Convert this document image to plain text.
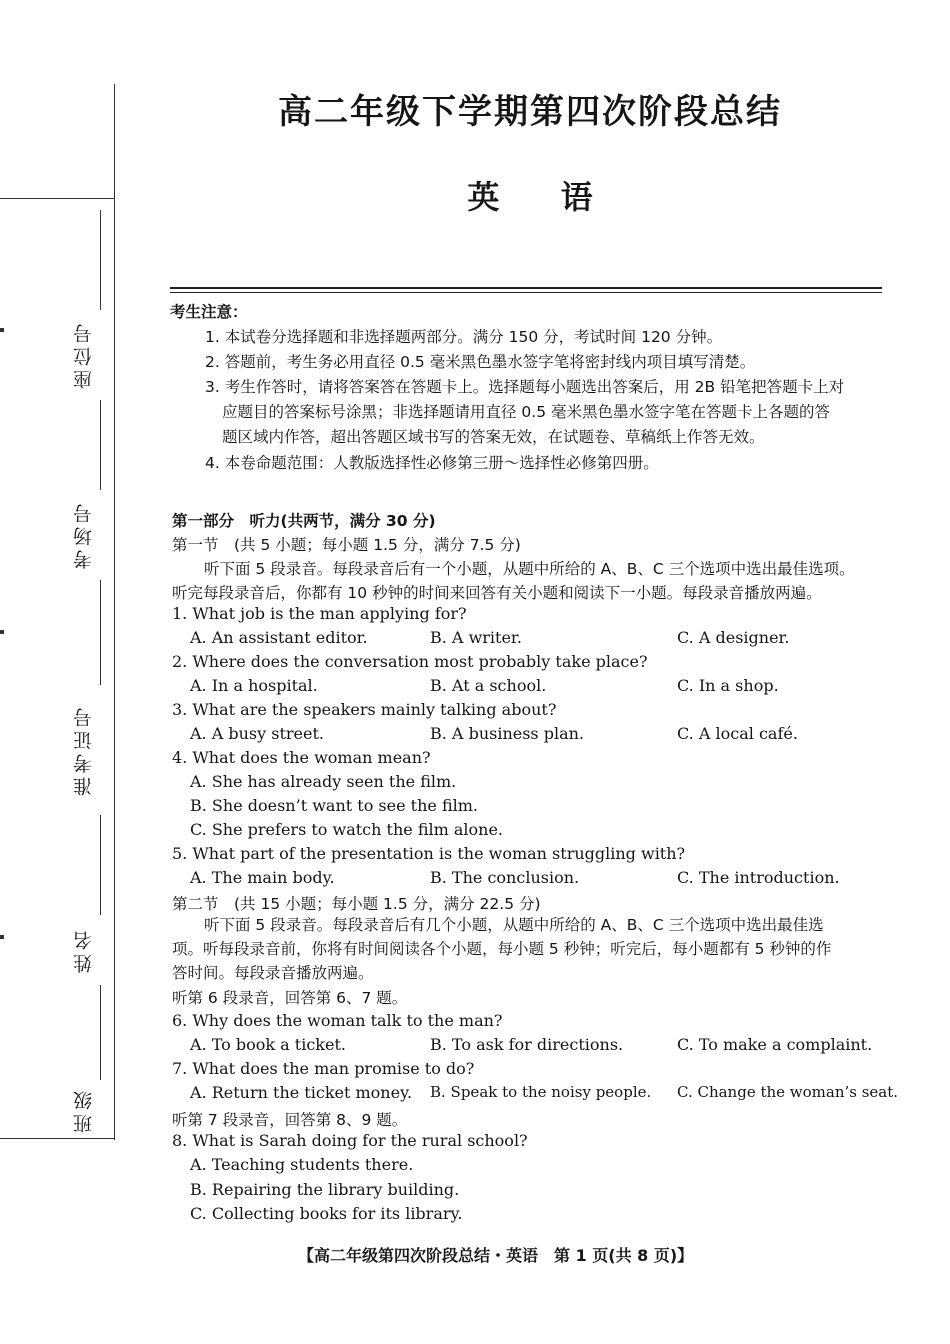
座位号
考场号
准考证号
姓名
班级
高二年级下学期第四次阶段总结
英 语
考生注意：
1. 本试卷分选择题和非选择题两部分。满分 150 分，考试时间 120 分钟。
2. 答题前，考生务必用直径 0.5 毫米黑色墨水签字笔将密封线内项目填写清楚。
3. 考生作答时，请将答案答在答题卡上。选择题每小题选出答案后，用 2B 铅笔把答题卡上对
应题目的答案标号涂黑；非选择题请用直径 0.5 毫米黑色墨水签字笔在答题卡上各题的答
题区域内作答，超出答题区域书写的答案无效，在试题卷、草稿纸上作答无效。
4. 本卷命题范围：人教版选择性必修第三册～选择性必修第四册。
第一部分　听力(共两节，满分 30 分)
第一节　(共 5 小题；每小题 1.5 分，满分 7.5 分)
听下面 5 段录音。每段录音后有一个小题，从题中所给的 A、B、C 三个选项中选出最佳选项。
听完每段录音后，你都有 10 秒钟的时间来回答有关小题和阅读下一小题。每段录音播放两遍。
1. What job is the man applying for?
A. An assistant editor.	B. A writer.	C. A designer.
2. Where does the conversation most probably take place?
A. In a hospital.	B. At a school.	C. In a shop.
3. What are the speakers mainly talking about?
A. A busy street.	B. A business plan.	C. A local café.
4. What does the woman mean?
A. She has already seen the film.
B. She doesn’t want to see the film.
C. She prefers to watch the film alone.
5. What part of the presentation is the woman struggling with?
A. The main body.	B. The conclusion.	C. The introduction.
第二节　(共 15 小题；每小题 1.5 分，满分 22.5 分)
听下面 5 段录音。每段录音后有几个小题，从题中所给的 A、B、C 三个选项中选出最佳选
项。听每段录音前，你将有时间阅读各个小题，每小题 5 秒钟；听完后，每小题都有 5 秒钟的作
答时间。每段录音播放两遍。
听第 6 段录音，回答第 6、7 题。
6. Why does the woman talk to the man?
A. To book a ticket.	B. To ask for directions.	C. To make a complaint.
7. What does the man promise to do?
A. Return the ticket money. B. Speak to the noisy people. C. Change the woman’s seat.
听第 7 段录音，回答第 8、9 题。
8. What is Sarah doing for the rural school?
A. Teaching students there.
B. Repairing the library building.
C. Collecting books for its library.
【高二年级第四次阶段总结・英语　第 1 页(共 8 页)】
